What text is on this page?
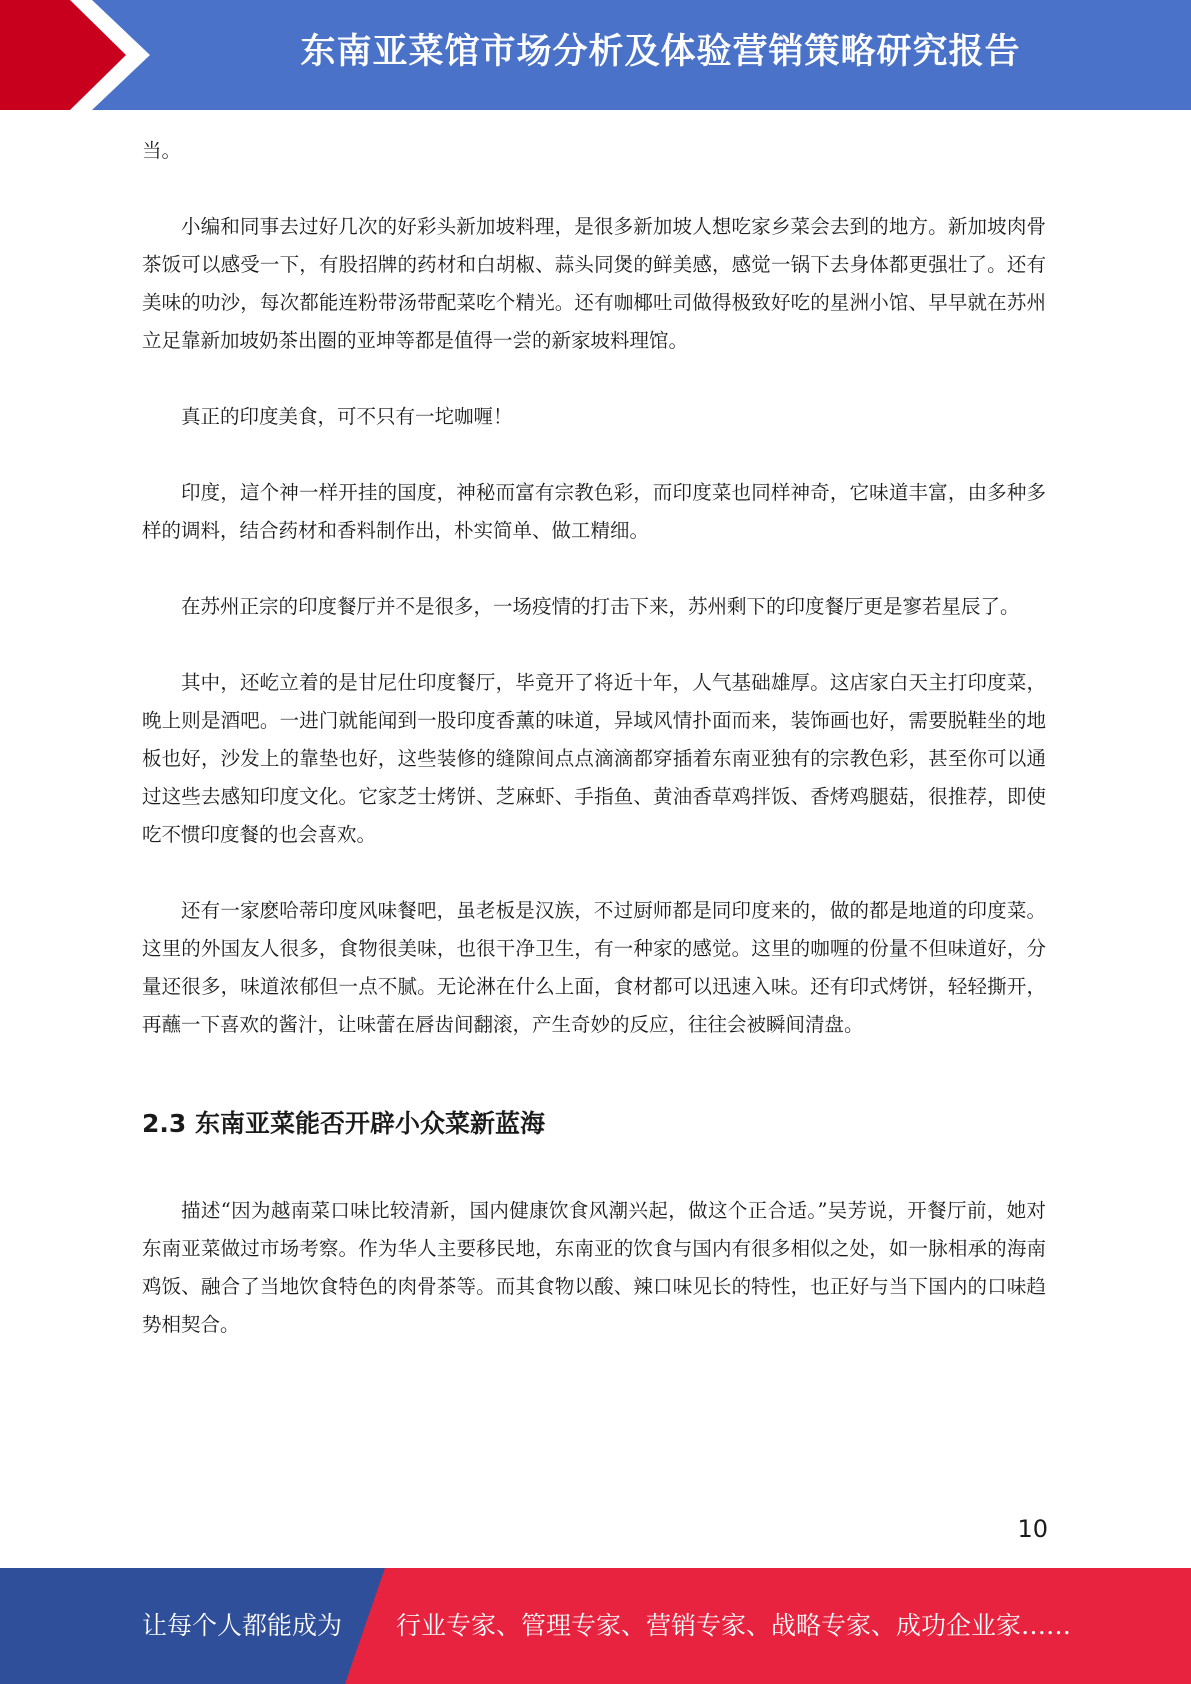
东南亚菜馆市场分析及体验营销策略研究报告

当。

小编和同事去过好几次的好彩头新加坡料理，是很多新加坡人想吃家乡菜会去到的地方。新加坡肉骨茶饭可以感受一下，有股招牌的药材和白胡椒、蒜头同煲的鲜美感，感觉一锅下去身体都更强壮了。还有美味的叻沙，每次都能连粉带汤带配菜吃个精光。还有咖椰吐司做得极致好吃的星洲小馆、早早就在苏州立足靠新加坡奶茶出圈的亚坤等都是值得一尝的新家坡料理馆。

真正的印度美食，可不只有一坨咖喱！

印度，這个神一样开挂的国度，神秘而富有宗教色彩，而印度菜也同样神奇，它味道丰富，由多种多样的调料，结合药材和香料制作出，朴实简单、做工精细。

在苏州正宗的印度餐厅并不是很多，一场疫情的打击下来，苏州剩下的印度餐厅更是寥若星辰了。

其中，还屹立着的是甘尼仕印度餐厅，毕竟开了将近十年，人气基础雄厚。这店家白天主打印度菜，晚上则是酒吧。一进门就能闻到一股印度香薰的味道，异域风情扑面而来，装饰画也好，需要脱鞋坐的地板也好，沙发上的靠垫也好，这些装修的缝隙间点点滴滴都穿插着东南亚独有的宗教色彩，甚至你可以通过这些去感知印度文化。它家芝士烤饼、芝麻虾、手指鱼、黄油香草鸡拌饭、香烤鸡腿菇，很推荐，即使吃不惯印度餐的也会喜欢。

还有一家麽哈蒂印度风味餐吧，虽老板是汉族，不过厨师都是同印度来的，做的都是地道的印度菜。这里的外国友人很多，食物很美味，也很干净卫生，有一种家的感觉。这里的咖喱的份量不但味道好，分量还很多，味道浓郁但一点不腻。无论淋在什么上面，食材都可以迅速入味。还有印式烤饼，轻轻撕开，再蘸一下喜欢的酱汁，让味蕾在唇齿间翻滚，产生奇妙的反应，往往会被瞬间清盘。

2.3 东南亚菜能否开辟小众菜新蓝海

描述“因为越南菜口味比较清新，国内健康饮食风潮兴起，做这个正合适。”吴芳说，开餐厅前，她对东南亚菜做过市场考察。作为华人主要移民地，东南亚的饮食与国内有很多相似之处，如一脉相承的海南鸡饭、融合了当地饮食特色的肉骨茶等。而其食物以酸、辣口味见长的特性，也正好与当下国内的口味趋势相契合。

10
让每个人都能成为 行业专家、管理专家、营销专家、战略专家、成功企业家……
